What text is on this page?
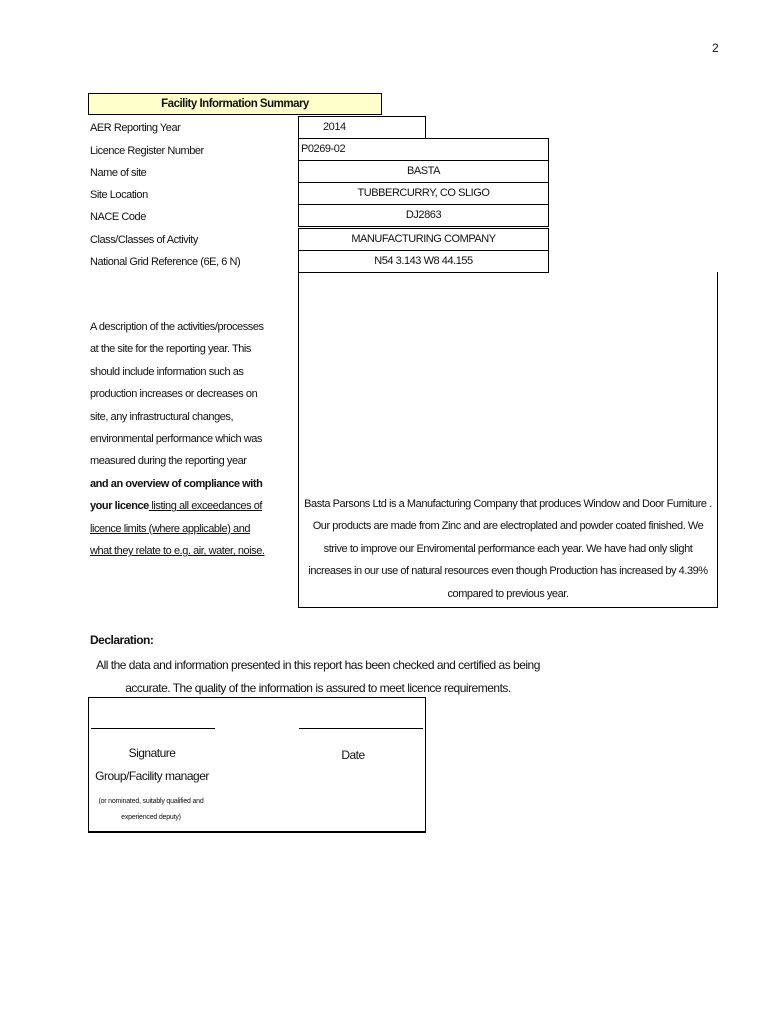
2
Facility Information Summary
AER Reporting Year
Licence Register Number
Name of site
Site Location
NACE Code
Class/Classes of Activity
National Grid Reference (6E, 6 N)
2014
P0269-02
BASTA
TUBBERCURRY, CO SLIGO
DJ2863
MANUFACTURING COMPANY
N54 3.143 W8 44.155
A description of the activities/processes at the site for the reporting year. This should include information such as production increases or decreases on site, any infrastructural changes, environmental performance which was measured during the reporting year and an overview of compliance with your licence listing all exceedances of licence limits (where applicable) and what they relate to e.g. air, water, noise.
Basta Parsons Ltd is a Manufacturing Company that produces Window and Door Furniture . Our products are made from Zinc and are electroplated and powder coated finished. We strive to improve our Enviromental performance each year. We have had only slight increases in our use of natural resources even though Production has increased by 4.39% compared to previous year.
Declaration:
All the data and information presented in this report has been checked and certified as being accurate. The quality of the information is assured to meet licence requirements.
Signature
Group/Facility manager
(or nominated, suitably qualified and experienced deputy)
Date
